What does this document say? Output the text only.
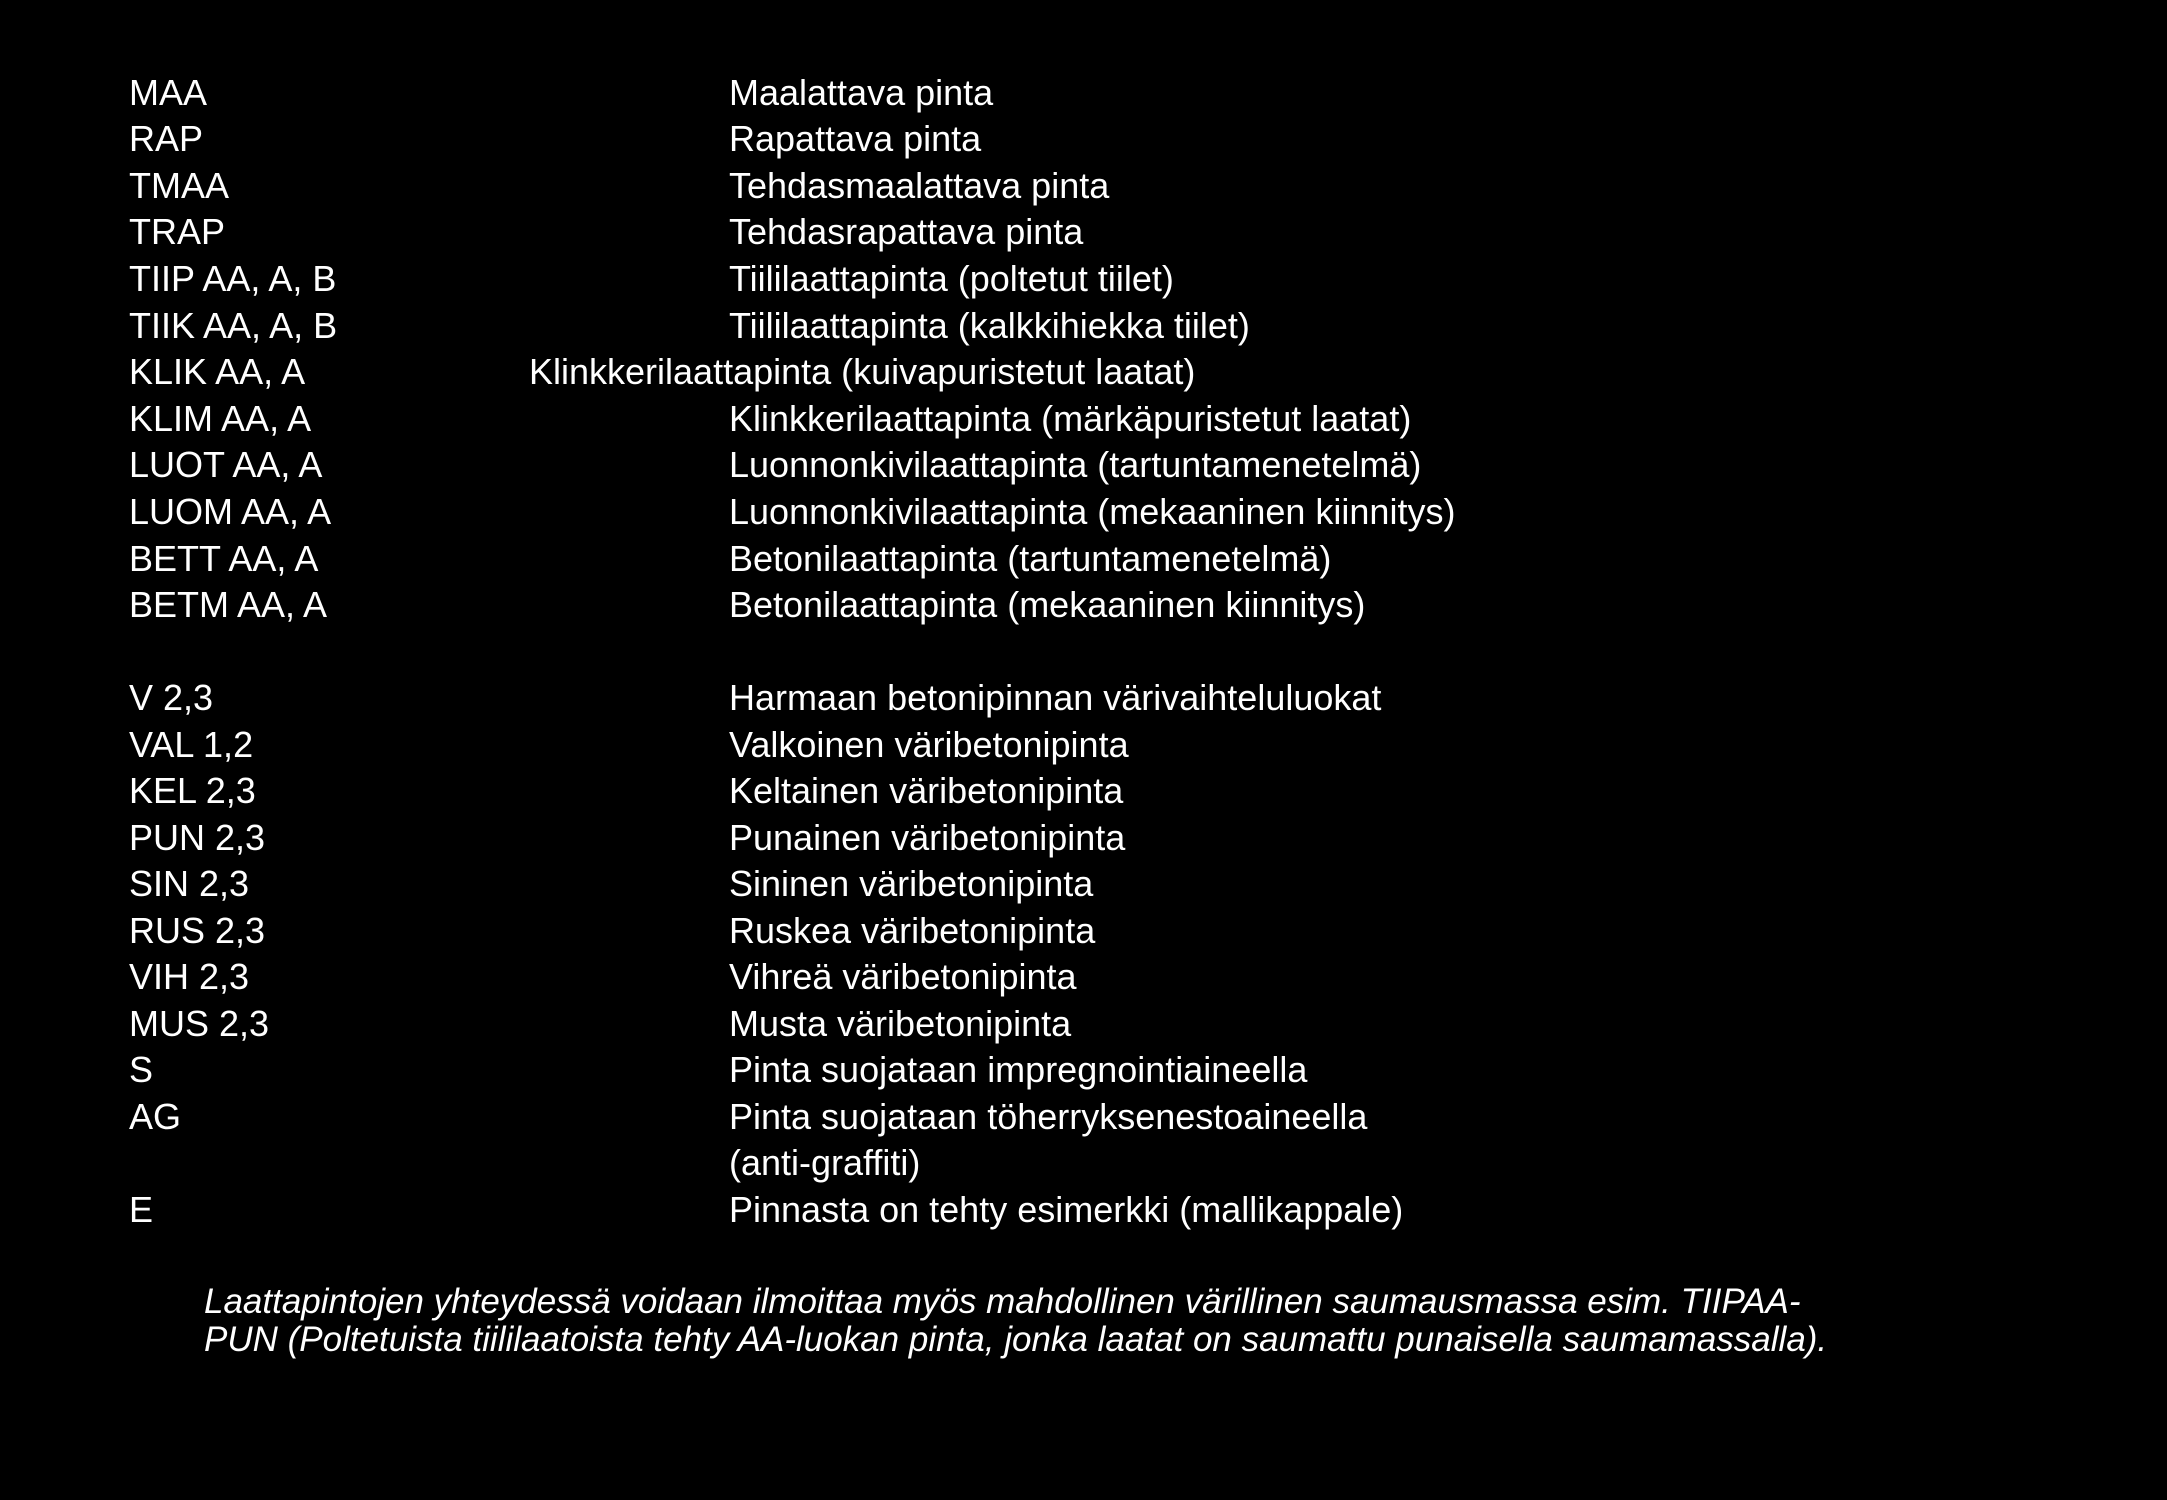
MAA	Maalattava pinta
RAP	Rapattava pinta
TMAA	Tehdasmaalattava pinta
TRAP	Tehdasrapattava pinta
TIIP AA, A, B	Tiililaattapinta (poltetut tiilet)
TIIK AA, A, B	Tiililaattapinta (kalkkihiekka tiilet)
KLIK AA, A	Klinkkerilaattapinta (kuivapuristetut laatat)
KLIM AA, A	Klinkkerilaattapinta (märkäpuristetut laatat)
LUOT AA, A	Luonnonkivilaattapinta (tartuntamenetelmä)
LUOM AA, A	Luonnonkivilaattapinta (mekaaninen kiinnitys)
BETT AA, A	Betonilaattapinta (tartuntamenetelmä)
BETM AA, A	Betonilaattapinta (mekaaninen kiinnitys)
V 2,3	Harmaan betonipinnan värivaihteluluokat
VAL 1,2	Valkoinen väribetonipinta
KEL 2,3	Keltainen väribetonipinta
PUN 2,3	Punainen väribetonipinta
SIN 2,3	Sininen väribetonipinta
RUS 2,3	Ruskea väribetonipinta
VIH 2,3	Vihreä väribetonipinta
MUS 2,3	Musta väribetonipinta
S	Pinta suojataan impregnointiaineella
AG	Pinta suojataan töherryksenestoaineella
(anti-graffiti)
E	Pinnasta on tehty esimerkki (mallikappale)
Laattapintojen yhteydessä voidaan ilmoittaa myös mahdollinen värillinen saumausmassa esim. TIIPAA-
PUN (Poltetuista tiililaatoista tehty AA-luokan pinta, jonka laatat on saumattu punaisella saumamassalla).
